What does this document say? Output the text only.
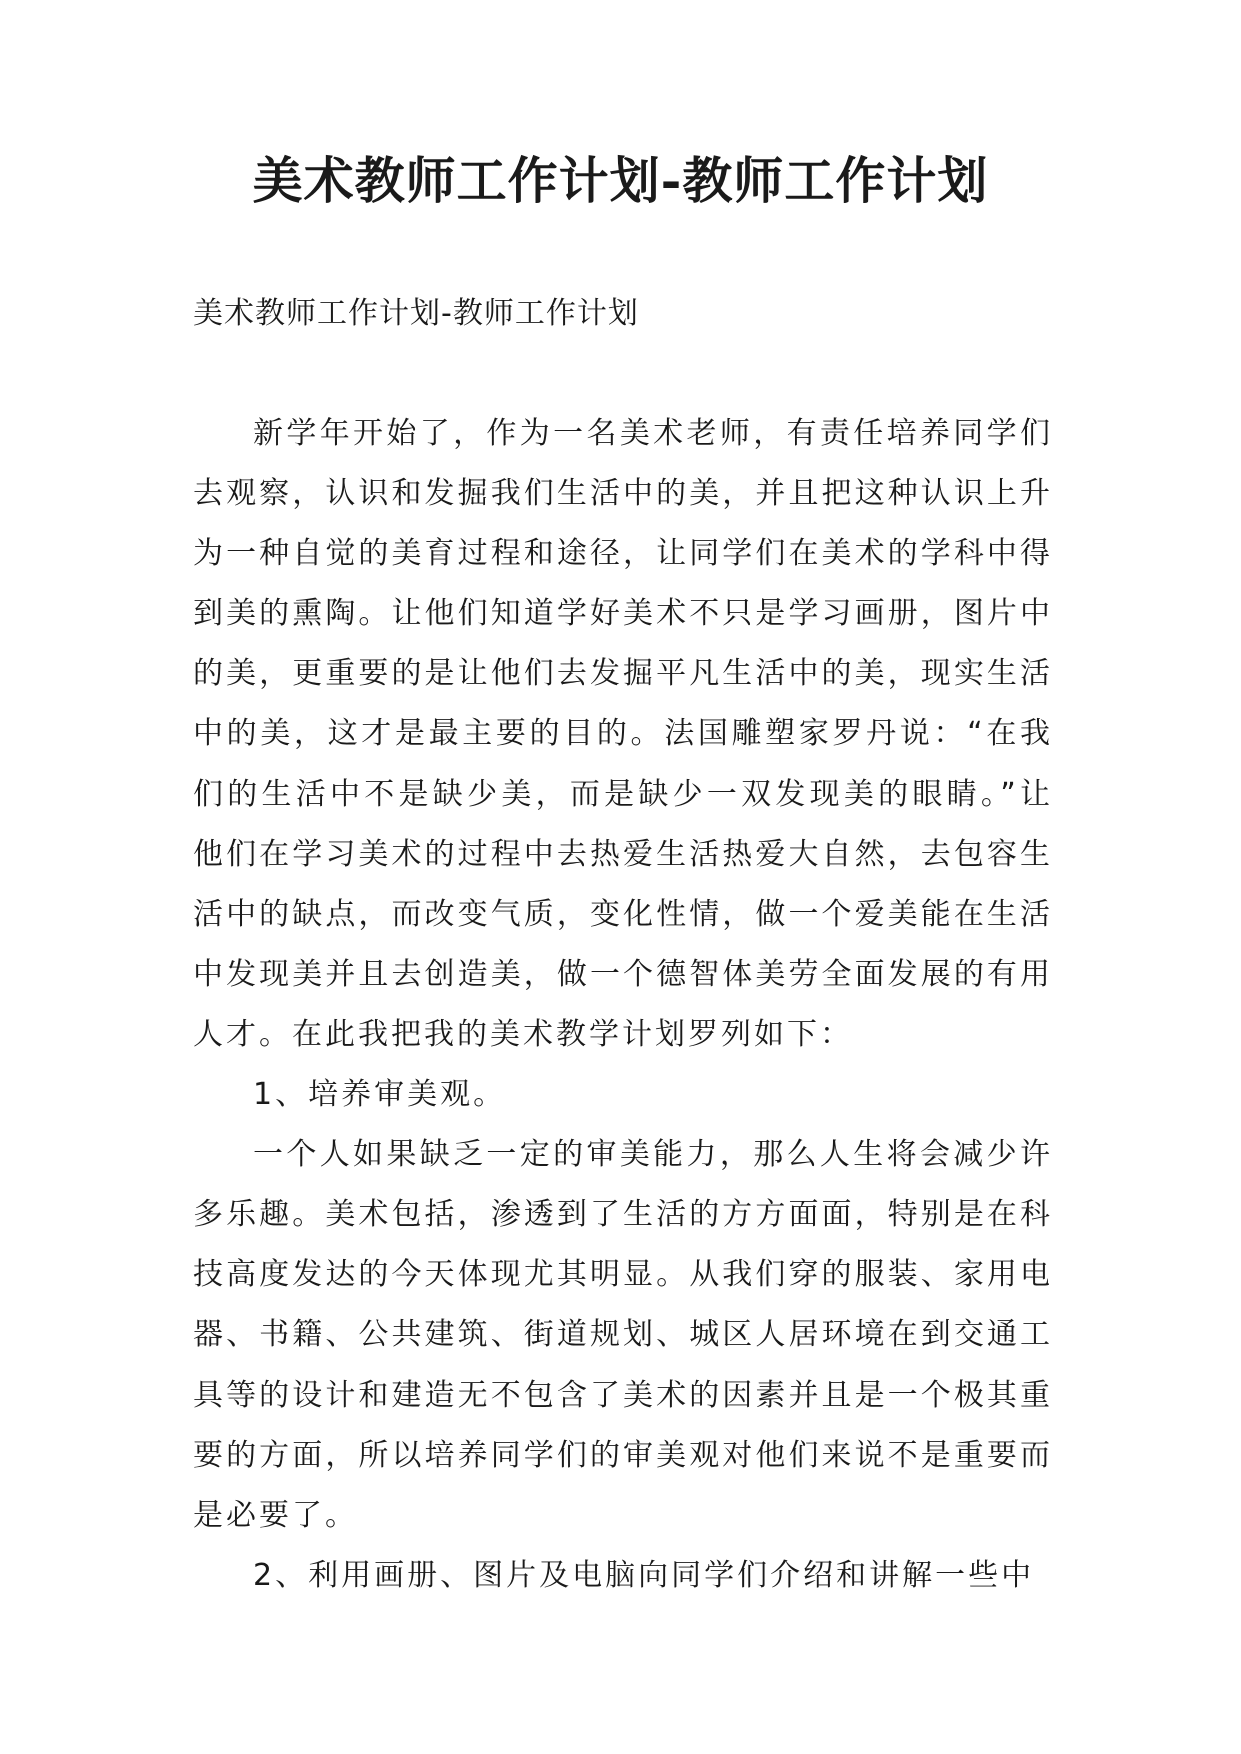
美术教师工作计划-教师工作计划

美术教师工作计划-教师工作计划

新学年开始了，作为一名美术老师，有责任培养同学们去观察，认识和发掘我们生活中的美，并且把这种认识上升为一种自觉的美育过程和途径，让同学们在美术的学科中得到美的熏陶。让他们知道学好美术不只是学习画册，图片中的美，更重要的是让他们去发掘平凡生活中的美，现实生活中的美，这才是最主要的目的。法国雕塑家罗丹说：“在我们的生活中不是缺少美，而是缺少一双发现美的眼睛。”让他们在学习美术的过程中去热爱生活热爱大自然，去包容生活中的缺点，而改变气质，变化性情，做一个爱美能在生活中发现美并且去创造美，做一个德智体美劳全面发展的有用人才。在此我把我的美术教学计划罗列如下：

1、培养审美观。

一个人如果缺乏一定的审美能力，那么人生将会减少许多乐趣。美术包括，渗透到了生活的方方面面，特别是在科技高度发达的今天体现尤其明显。从我们穿的服装、家用电器、书籍、公共建筑、街道规划、城区人居环境在到交通工具等的设计和建造无不包含了美术的因素并且是一个极其重要的方面，所以培养同学们的审美观对他们来说不是重要而是必要了。

2、利用画册、图片及电脑向同学们介绍和讲解一些中
